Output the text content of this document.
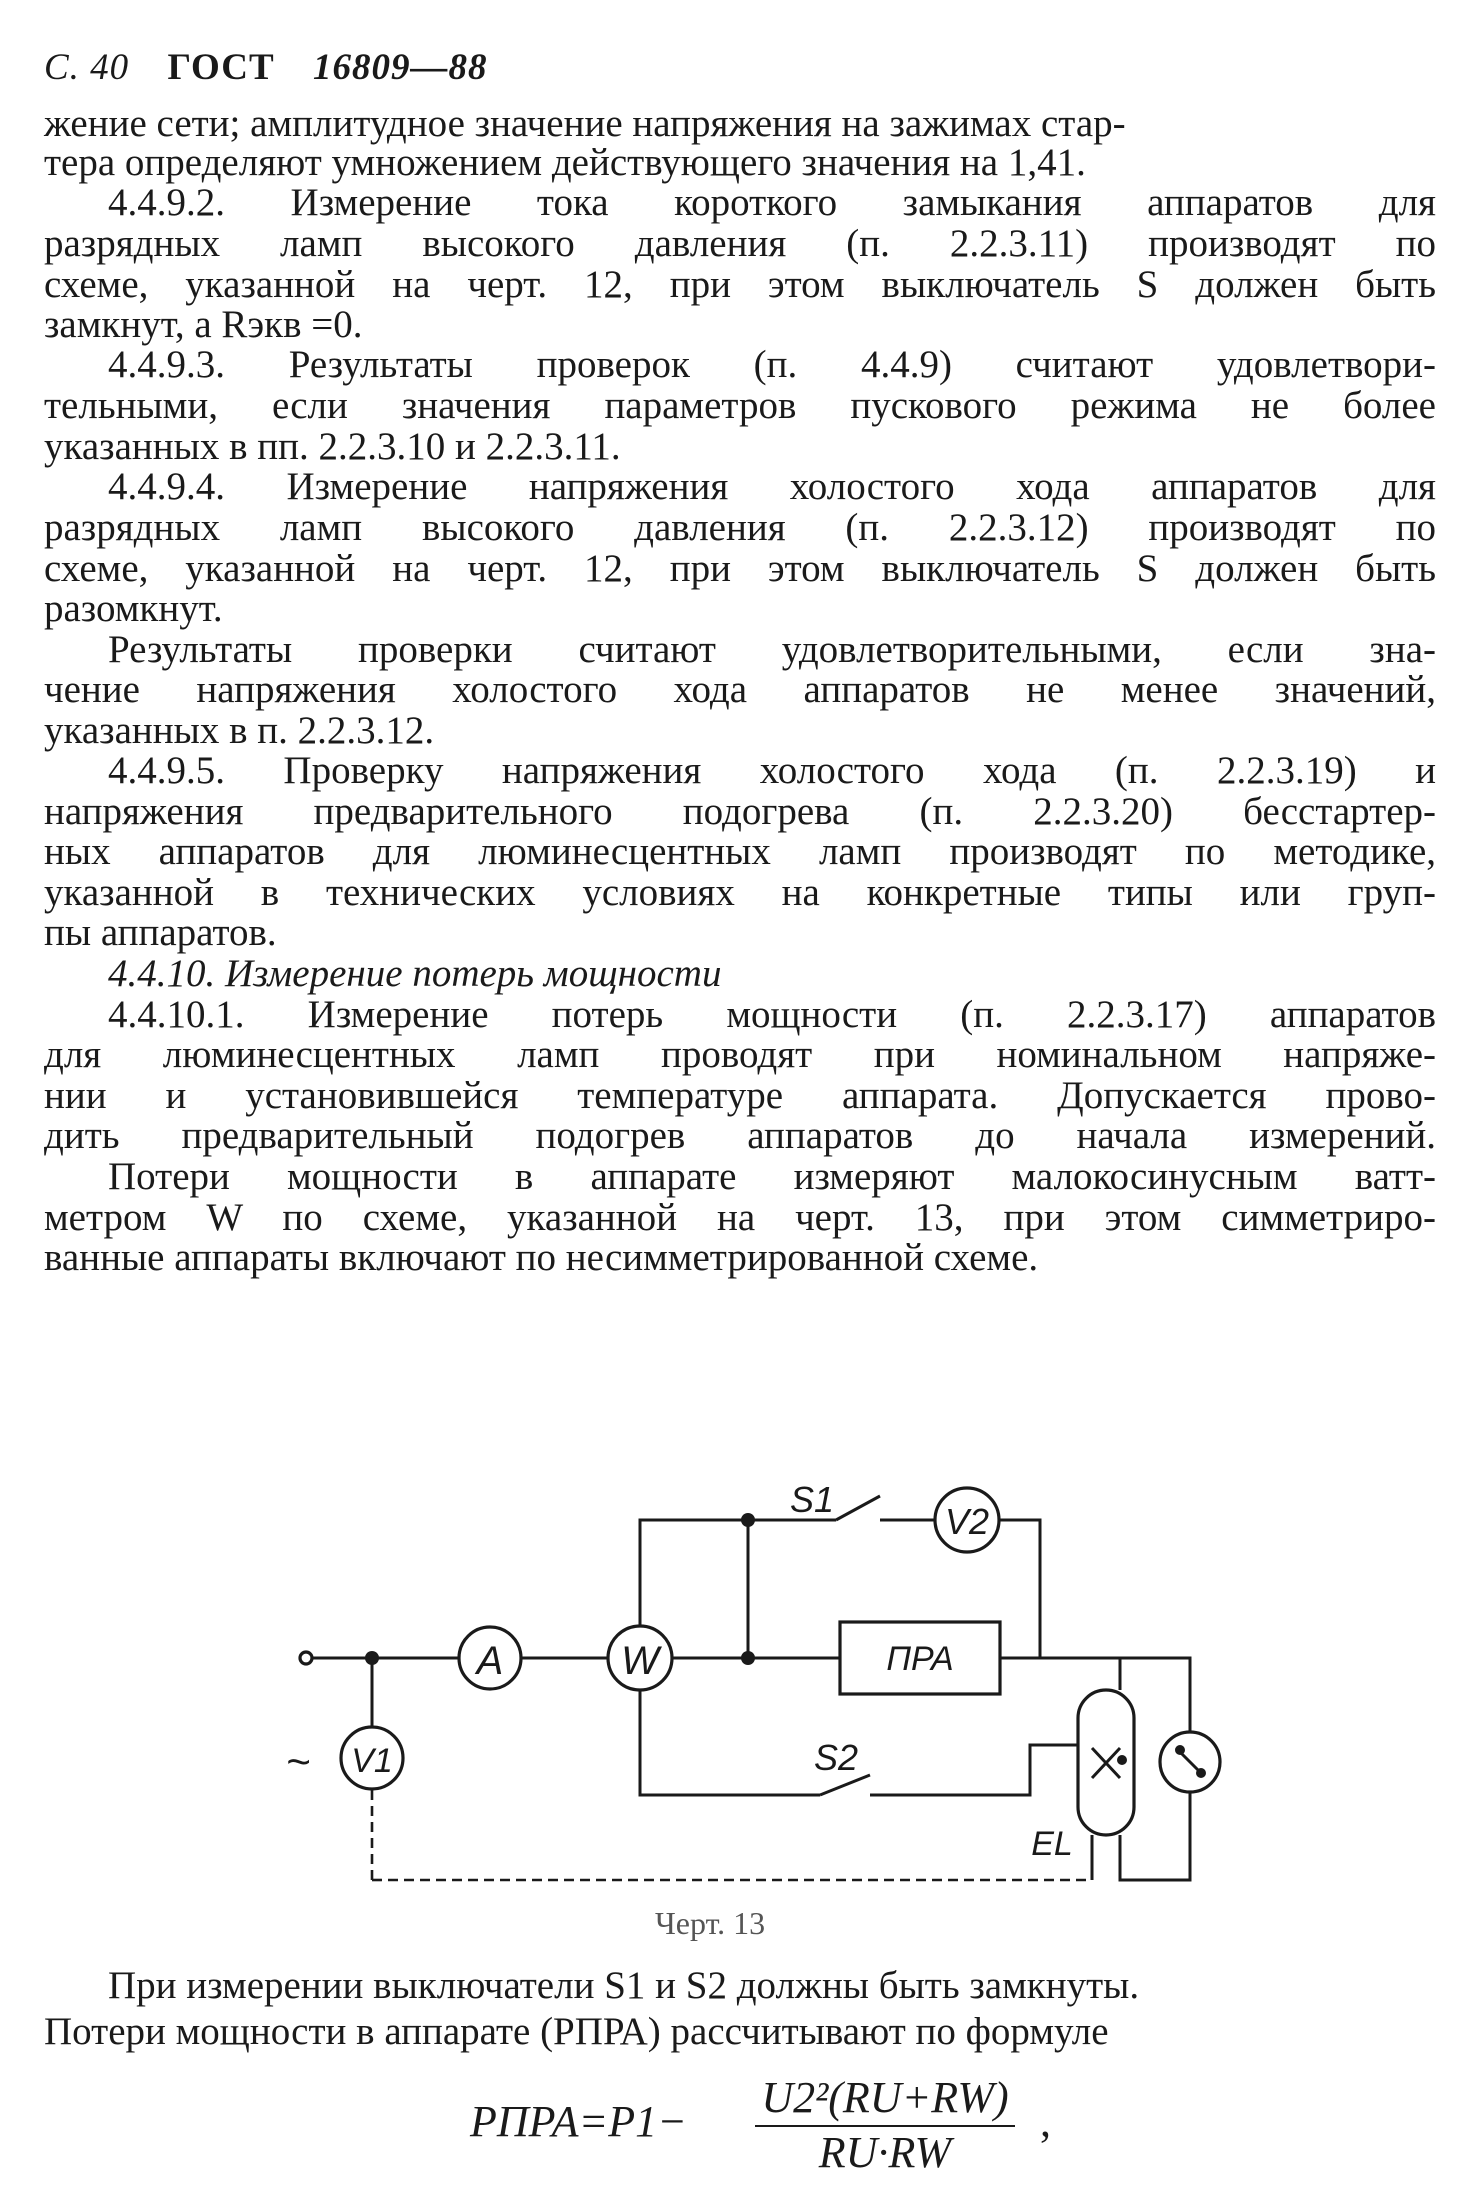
С. 40 ГОСТ 16809—88
жение сети; амплитудное значение напряжения на зажимах стар-
тера определяют умножением действующего значения на 1,41.
4.4.9.2. Измерение тока короткого замыкания аппаратов для
разрядных ламп высокого давления (п. 2.2.3.11) производят по
схеме, указанной на черт. 12, при этом выключатель S должен быть
замкнут, а Rэкв =0.
4.4.9.3. Результаты проверок (п. 4.4.9) считают удовлетвори-
тельными, если значения параметров пускового режима не более
указанных в пп. 2.2.3.10 и 2.2.3.11.
4.4.9.4. Измерение напряжения холостого хода аппаратов для
разрядных ламп высокого давления (п. 2.2.3.12) производят по
схеме, указанной на черт. 12, при этом выключатель S должен быть
разомкнут.
Результаты проверки считают удовлетворительными, если зна-
чение напряжения холостого хода аппаратов не менее значений,
указанных в п. 2.2.3.12.
4.4.9.5. Проверку напряжения холостого хода (п. 2.2.3.19) и
напряжения предварительного подогрева (п. 2.2.3.20) бесстартер-
ных аппаратов для люминесцентных ламп производят по методике,
указанной в технических условиях на конкретные типы или груп-
пы аппаратов.
4.4.10. Измерение потерь мощности
4.4.10.1. Измерение потерь мощности (п. 2.2.3.17) аппаратов
для люминесцентных ламп проводят при номинальном напряже-
нии и установившейся температуре аппарата. Допускается прово-
дить предварительный подогрев аппаратов до начала измерений.
Потери мощности в аппарате измеряют малокосинусным ватт-
метром W по схеме, указанной на черт. 13, при этом симметриро-
ванные аппараты включают по несимметрированной схеме.
A	W
V2
ПРА
V1
~
S1
S2
EL
Черт. 13
При измерении выключатели S1 и S2 должны быть замкнуты.
Потери мощности в аппарате (PПРА) рассчитывают по формуле
PПРА=P1− $\frac{\text{U2²(RU+RW)}}{RU\cdot RW}$ ,
